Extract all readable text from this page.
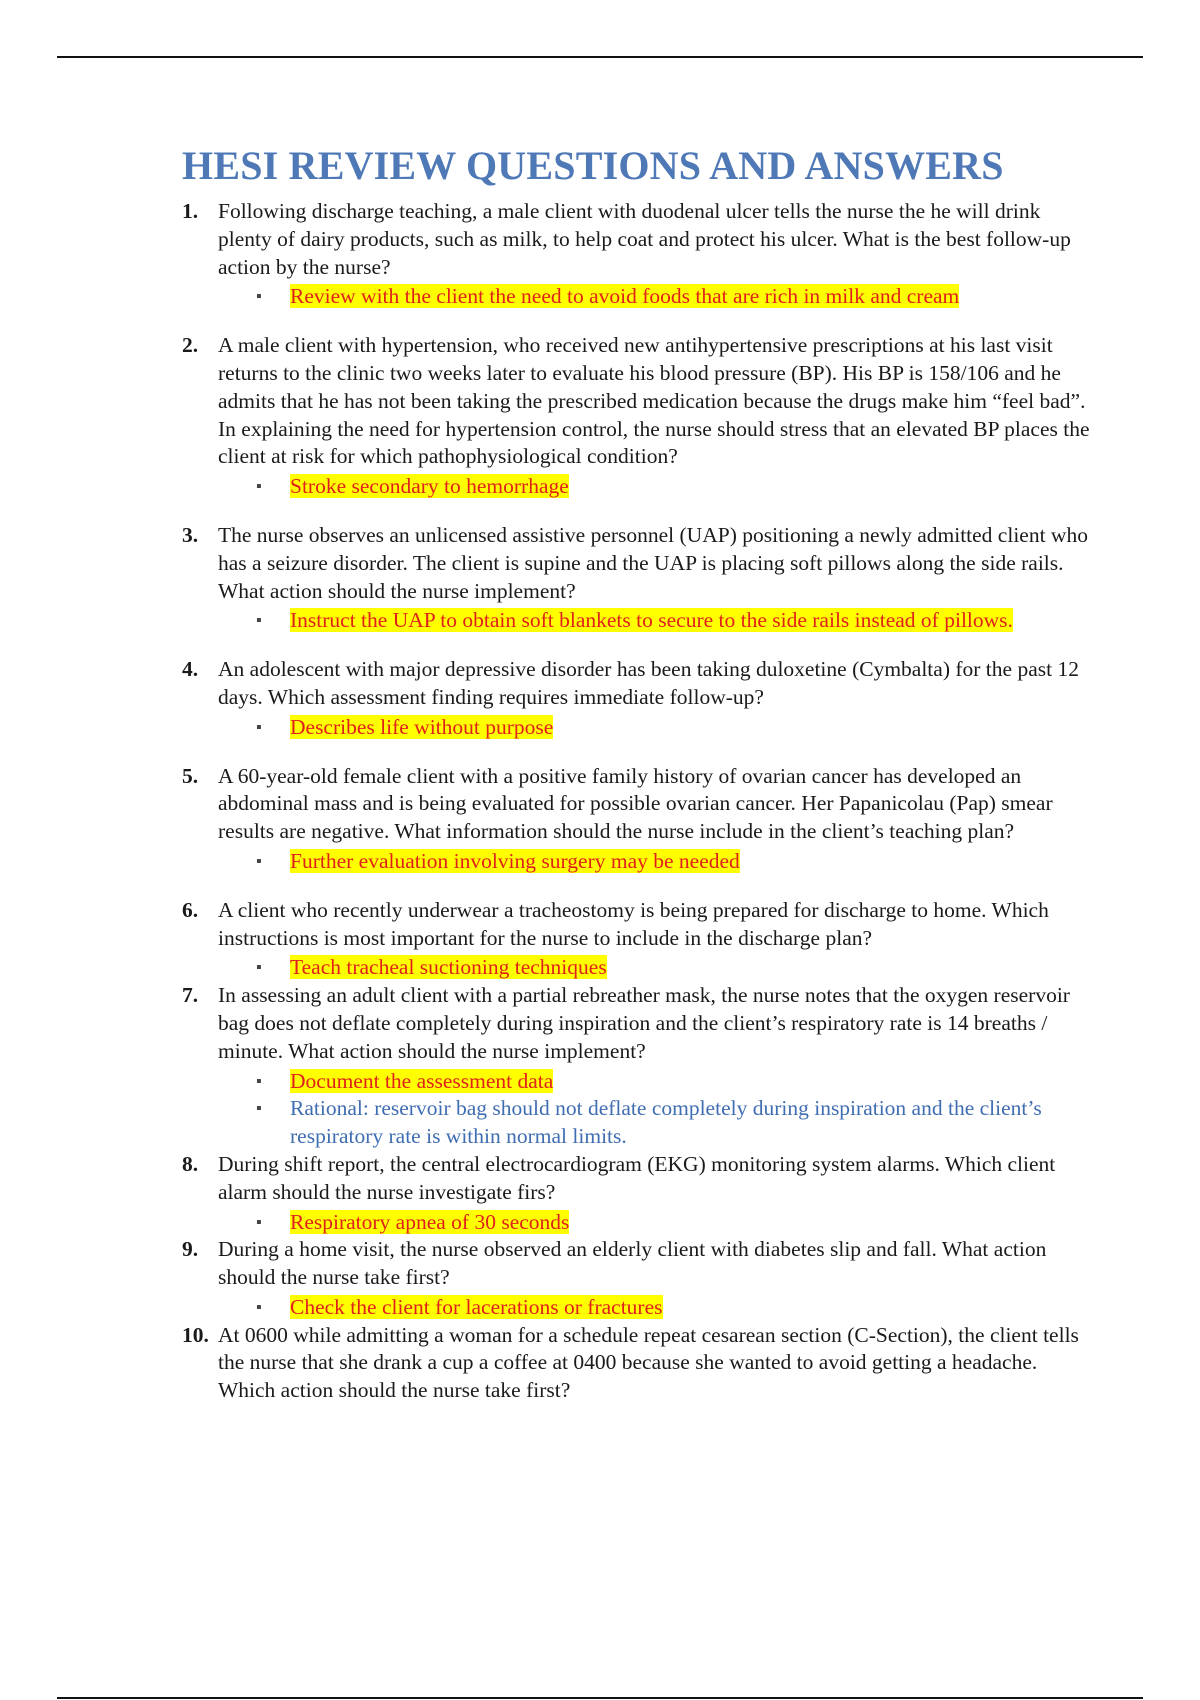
HESI REVIEW QUESTIONS AND ANSWERS
1. Following discharge teaching, a male client with duodenal ulcer tells the nurse the he will drink plenty of dairy products, such as milk, to help coat and protect his ulcer. What is the best follow-up action by the nurse?
▪ Review with the client the need to avoid foods that are rich in milk and cream
2. A male client with hypertension, who received new antihypertensive prescriptions at his last visit returns to the clinic two weeks later to evaluate his blood pressure (BP). His BP is 158/106 and he admits that he has not been taking the prescribed medication because the drugs make him “feel bad”. In explaining the need for hypertension control, the nurse should stress that an elevated BP places the client at risk for which pathophysiological condition?
▪ Stroke secondary to hemorrhage
3. The nurse observes an unlicensed assistive personnel (UAP) positioning a newly admitted client who has a seizure disorder. The client is supine and the UAP is placing soft pillows along the side rails. What action should the nurse implement?
▪ Instruct the UAP to obtain soft blankets to secure to the side rails instead of pillows.
4. An adolescent with major depressive disorder has been taking duloxetine (Cymbalta) for the past 12 days. Which assessment finding requires immediate follow-up?
▪ Describes life without purpose
5. A 60-year-old female client with a positive family history of ovarian cancer has developed an abdominal mass and is being evaluated for possible ovarian cancer. Her Papanicolau (Pap) smear results are negative. What information should the nurse include in the client’s teaching plan?
▪ Further evaluation involving surgery may be needed
6. A client who recently underwear a tracheostomy is being prepared for discharge to home. Which instructions is most important for the nurse to include in the discharge plan?
▪ Teach tracheal suctioning techniques
7. In assessing an adult client with a partial rebreather mask, the nurse notes that the oxygen reservoir bag does not deflate completely during inspiration and the client’s respiratory rate is 14 breaths / minute. What action should the nurse implement?
▪ Document the assessment data
▪ Rational: reservoir bag should not deflate completely during inspiration and the client’s respiratory rate is within normal limits.
8. During shift report, the central electrocardiogram (EKG) monitoring system alarms. Which client alarm should the nurse investigate firs?
▪ Respiratory apnea of 30 seconds
9. During a home visit, the nurse observed an elderly client with diabetes slip and fall. What action should the nurse take first?
▪ Check the client for lacerations or fractures
10. At 0600 while admitting a woman for a schedule repeat cesarean section (C-Section), the client tells the nurse that she drank a cup a coffee at 0400 because she wanted to avoid getting a headache. Which action should the nurse take first?
